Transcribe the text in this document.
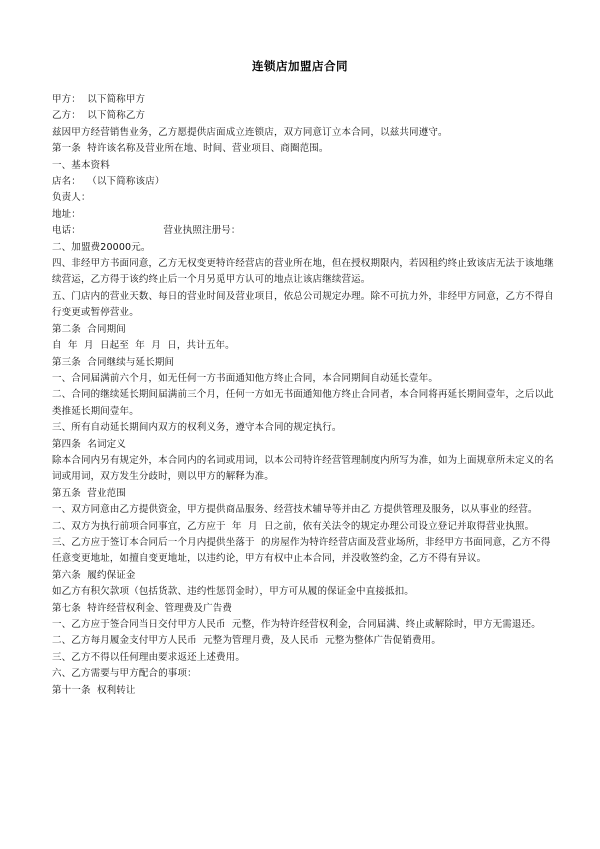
连锁店加盟店合同
甲方：  以下简称甲方
乙方：  以下简称乙方
兹因甲方经营销售业务，乙方愿提供店面成立连锁店，双方同意订立本合同，以兹共同遵守。
第一条  特许该名称及营业所在地、时间、营业项目、商圈范围。
一、基本资料
店名：  （以下简称该店）
负责人：
地址：
电话：                          营业执照注册号：
二、加盟费20000元。
四、非经甲方书面同意，乙方无权变更特许经营店的营业所在地，但在授权期限内，若因租约终止致该店无法于该地继续营运，乙方得于该约终止后一个月另觅甲方认可的地点让该店继续营运。
五、门店内的营业天数、每日的营业时间及营业项目，依总公司规定办理。除不可抗力外，非经甲方同意，乙方不得自行变更或暂停营业。
第二条  合同期间
自  年  月  日起至  年  月  日，共计五年。
第三条  合同继续与延长期间
一、合同届满前六个月，如无任何一方书面通知他方终止合同，本合同期间自动延长壹年。
二、合同的继续延长期间届满前三个月，任何一方如无书面通知他方终止合同者，本合同将再延长期间壹年，之后以此类推延长期间壹年。
三、所有自动延长期间内双方的权利义务，遵守本合同的规定执行。
第四条  名词定义
除本合同内另有规定外，本合同内的名词或用词，以本公司特许经营管理制度内所写为准，如为上面规章所未定义的名词或用词，双方发生分歧时，则以甲方的解释为准。
第五条  营业范围
一、双方同意由乙方提供资金，甲方提供商品服务、经营技术辅导等并由乙 方提供管理及服务，以从事业的经营。
二、双方为执行前项合同事宜，乙方应于  年  月  日之前，依有关法令的规定办理公司设立登记并取得营业执照。
三、乙方应于签订本合同后一个月内提供坐落于  的房屋作为特许经营店面及营业场所，非经甲方书面同意，乙方不得任意变更地址，如擅自变更地址，以违约论，甲方有权中止本合同，并没收签约金，乙方不得有异议。
第六条  履约保证金
如乙方有积欠款项（包括货款、违约性惩罚金时），甲方可从履的保证金中直接抵扣。
第七条  特许经营权利金、管理费及广告费
一、乙方应于签合同当日交付甲方人民币  元整，作为特许经营权利金，合同届满、终止或解除时，甲方无需退还。
二、乙方每月履金支付甲方人民币  元整为管理月费，及人民币  元整为整体广告促销费用。
三、乙方不得以任何理由要求返还上述费用。
六、乙方需要与甲方配合的事项：
第十一条  权利转让
